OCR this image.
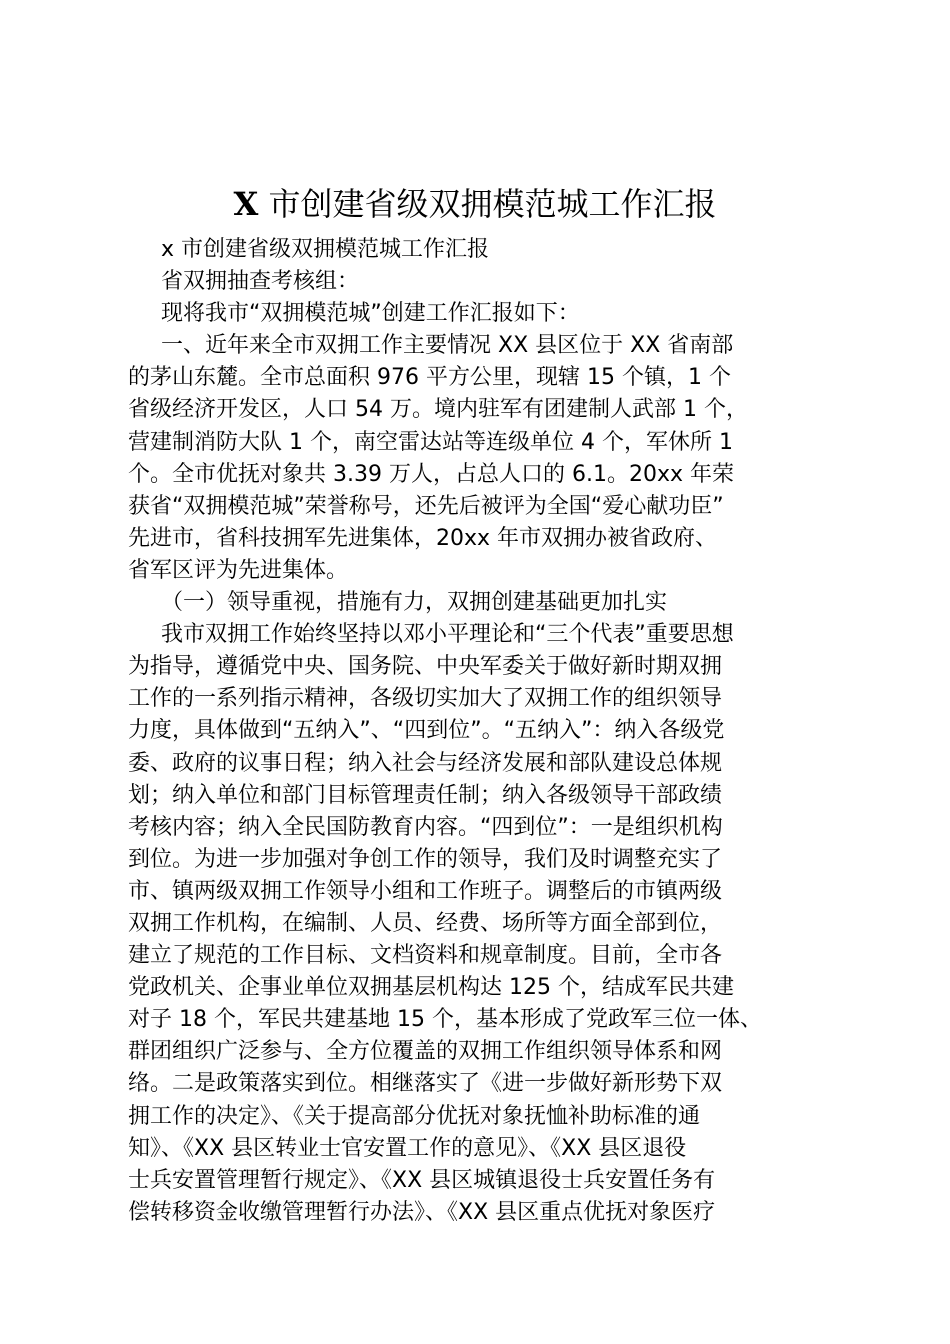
X 市创建省级双拥模范城工作汇报

x 市创建省级双拥模范城工作汇报

省双拥抽查考核组：

现将我市“双拥模范城”创建工作汇报如下：

一、近年来全市双拥工作主要情况 XX 县区位于 XX 省南部
的茅山东麓。全市总面积 976 平方公里，现辖 15 个镇，1 个
省级经济开发区，人口 54 万。境内驻军有团建制人武部 1 个，
营建制消防大队 1 个，南空雷达站等连级单位 4 个，军休所 1
个。全市优抚对象共 3.39 万人，占总人口的 6.1。20xx 年荣
获省“双拥模范城”荣誉称号，还先后被评为全国“爱心献功臣”
先进市，省科技拥军先进集体，20xx 年市双拥办被省政府、
省军区评为先进集体。

（一）领导重视，措施有力，双拥创建基础更加扎实

我市双拥工作始终坚持以邓小平理论和“三个代表”重要思想
为指导，遵循党中央、国务院、中央军委关于做好新时期双拥
工作的一系列指示精神，各级切实加大了双拥工作的组织领导
力度，具体做到“五纳入”、“四到位”。“五纳入”：纳入各级党
委、政府的议事日程；纳入社会与经济发展和部队建设总体规
划；纳入单位和部门目标管理责任制；纳入各级领导干部政绩
考核内容；纳入全民国防教育内容。“四到位”：一是组织机构
到位。为进一步加强对争创工作的领导，我们及时调整充实了
市、镇两级双拥工作领导小组和工作班子。调整后的市镇两级
双拥工作机构，在编制、人员、经费、场所等方面全部到位，
建立了规范的工作目标、文档资料和规章制度。目前，全市各
党政机关、企事业单位双拥基层机构达 125 个，结成军民共建
对子 18 个，军民共建基地 15 个，基本形成了党政军三位一体、
群团组织广泛参与、全方位覆盖的双拥工作组织领导体系和网
络。二是政策落实到位。相继落实了《进一步做好新形势下双
拥工作的决定》、《关于提高部分优抚对象抚恤补助标准的通
知》、《XX 县区转业士官安置工作的意见》、《XX 县区退役
士兵安置管理暂行规定》、《XX 县区城镇退役士兵安置任务有
偿转移资金收缴管理暂行办法》、《XX 县区重点优抚对象医疗
